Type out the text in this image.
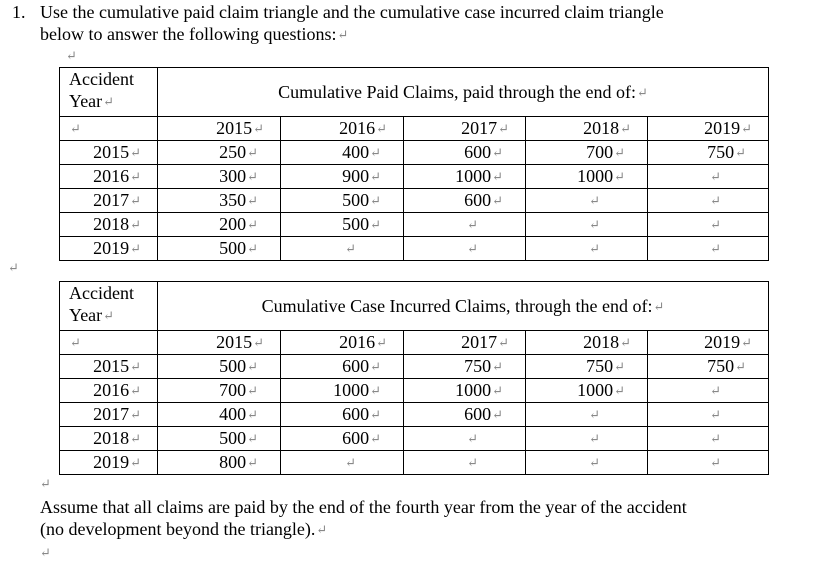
1. Use the cumulative paid claim triangle and the cumulative case incurred claim triangle
below to answer the following questions:↵
↵
Accident
Year↵	Cumulative Paid Claims, paid through the end of:↵				
↵	2015↵	2016↵	2017↵	2018↵	2019↵
2015↵	250↵	400↵	600↵	700↵	750↵
2016↵	300↵	900↵	1000↵	1000↵	↵
2017↵	350↵	500↵	600↵	↵	↵
2018↵	200↵	500↵	↵	↵	↵
2019↵	500↵	↵	↵	↵	↵
↵
Accident
Year↵	Cumulative Case Incurred Claims, through the end of:↵				
↵	2015↵	2016↵	2017↵	2018↵	2019↵
2015↵	500↵	600↵	750↵	750↵	750↵
2016↵	700↵	1000↵	1000↵	1000↵	↵
2017↵	400↵	600↵	600↵	↵	↵
2018↵	500↵	600↵	↵	↵	↵
2019↵	800↵	↵	↵	↵	↵
↵
Assume that all claims are paid by the end of the fourth year from the year of the accident
(no development beyond the triangle).↵
↵
